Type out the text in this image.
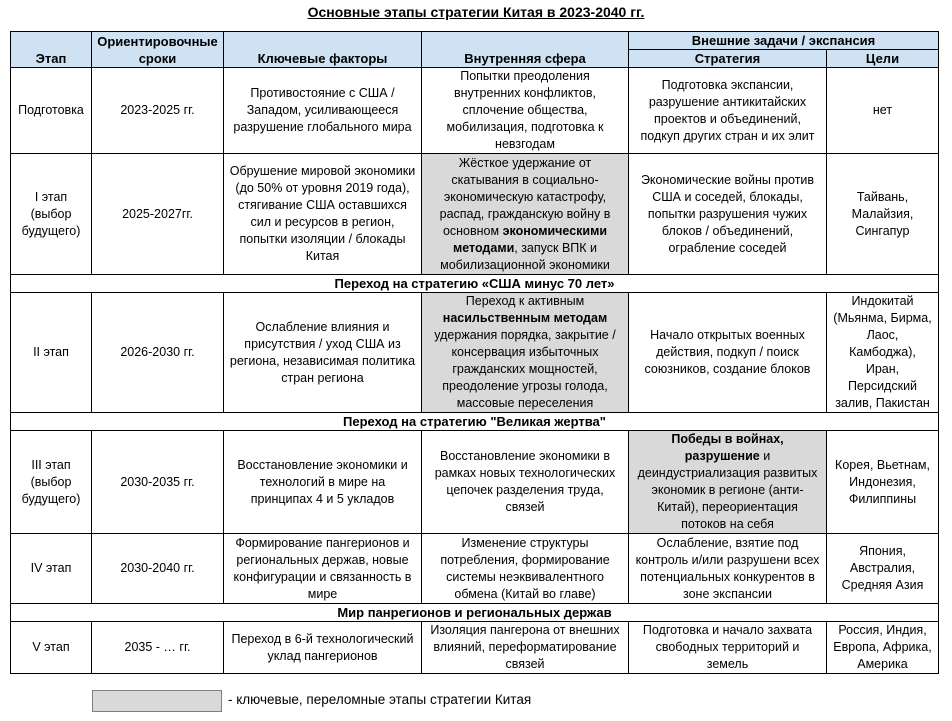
Основные этапы стратегии Китая в 2023-2040 гг.
Этап	Ориентировочные сроки	Ключевые факторы	Внутренняя сфера	Внешние задачи / экспансия	
				Стратегия	Цели
Подготовка	2023-2025 гг.	Противостояние с США / Западом, усиливающееся разрушение глобального мира	Попытки преодоления внутренних конфликтов, сплочение общества, мобилизация, подготовка к невзгодам	Подготовка экспансии, разрушение антикитайских проектов и объединений, подкуп других стран и их элит	нет
I этап (выбор будущего)	2025-2027гг.	Обрушение мировой экономики (до 50% от уровня 2019 года), стягивание США оставшихся сил и ресурсов в регион, попытки изоляции / блокады Китая	Жёсткое удержание от скатывания в социально-экономическую катастрофу, распад, гражданскую войну в основном экономическими методами, запуск ВПК и мобилизационной экономики	Экономические войны против США и соседей, блокады, попытки разрушения чужих блоков / объединений, ограбление соседей	Тайвань, Малайзия, Сингапур
Переход на стратегию «США минус 70 лет»					
II этап	2026-2030 гг.	Ослабление влияния и присутствия / уход США из региона, независимая политика стран региона	Переход к активным насильственным методам удержания порядка, закрытие / консервация избыточных гражданских мощностей, преодоление угрозы голода, массовые переселения	Начало открытых военных действия, подкуп / поиск союзников, создание блоков	Индокитай (Мьянма, Бирма, Лаос, Камбоджа), Иран, Персидский залив, Пакистан
Переход на стратегию "Великая жертва"					
III этап (выбор будущего)	2030-2035 гг.	Восстановление экономики и технологий в мире на принципах 4 и 5 укладов	Восстановление экономики в рамках новых технологических цепочек разделения труда, связей	Победы в войнах, разрушение и деиндустриализация развитых экономик в регионе (анти-Китай), переориентация потоков на себя	Корея, Вьетнам, Индонезия, Филиппины
IV этап	2030-2040 гг.	Формирование пангерионов и региональных держав, новые конфигурации и связанность в мире	Изменение структуры потребления, формирование системы неэквивалентного обмена (Китай во главе)	Ослабление, взятие под контроль и/или разрушени всех потенциальных конкурентов в зоне экспансии	Япония, Австралия, Средняя Азия
Мир панрегионов и региональных держав					
V этап	2035 - … гг.	Переход в 6-й технологический уклад пангерионов	Изоляция пангерона от внешних влияний, переформатирование связей	Подготовка и начало захвата свободных территорий и земель	Россия, Индия, Европа, Африка, Америка
- ключевые, переломные этапы стратегии Китая
